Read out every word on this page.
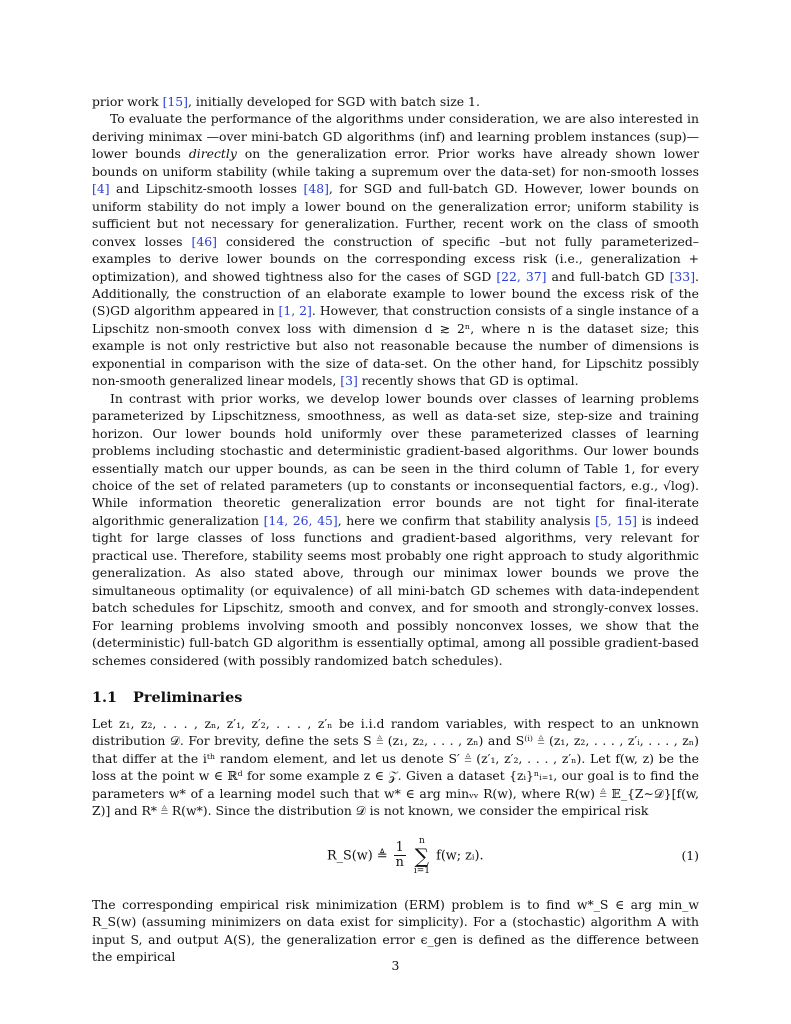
prior work [15], initially developed for SGD with batch size 1.

To evaluate the performance of the algorithms under consideration, we are also interested in deriving minimax —over mini-batch GD algorithms (inf) and learning problem instances (sup)— lower bounds directly on the generalization error. Prior works have already shown lower bounds on uniform stability (while taking a supremum over the data-set) for non-smooth losses [4] and Lipschitz-smooth losses [48], for SGD and full-batch GD. However, lower bounds on uniform stability do not imply a lower bound on the generalization error; uniform stability is sufficient but not necessary for generalization. Further, recent work on the class of smooth convex losses [46] considered the construction of specific –but not fully parameterized– examples to derive lower bounds on the corresponding excess risk (i.e., generalization + optimization), and showed tightness also for the cases of SGD [22, 37] and full-batch GD [33]. Additionally, the construction of an elaborate example to lower bound the excess risk of the (S)GD algorithm appeared in [1, 2]. However, that construction consists of a single instance of a Lipschitz non-smooth convex loss with dimension d ≳ 2ⁿ, where n is the dataset size; this example is not only restrictive but also not reasonable because the number of dimensions is exponential in comparison with the size of data-set. On the other hand, for Lipschitz possibly non-smooth generalized linear models, [3] recently shows that GD is optimal.

In contrast with prior works, we develop lower bounds over classes of learning problems parameterized by Lipschitzness, smoothness, as well as data-set size, step-size and training horizon. Our lower bounds hold uniformly over these parameterized classes of learning problems including stochastic and deterministic gradient-based algorithms. Our lower bounds essentially match our upper bounds, as can be seen in the third column of Table 1, for every choice of the set of related parameters (up to constants or inconsequential factors, e.g., √log). While information theoretic generalization error bounds are not tight for final-iterate algorithmic generalization [14, 26, 45], here we confirm that stability analysis [5, 15] is indeed tight for large classes of loss functions and gradient-based algorithms, very relevant for practical use. Therefore, stability seems most probably one right approach to study algorithmic generalization. As also stated above, through our minimax lower bounds we prove the simultaneous optimality (or equivalence) of all mini-batch GD schemes with data-independent batch schedules for Lipschitz, smooth and convex, and for smooth and strongly-convex losses. For learning problems involving smooth and possibly nonconvex losses, we show that the (deterministic) full-batch GD algorithm is essentially optimal, among all possible gradient-based schemes considered (with possibly randomized batch schedules).

1.1 Preliminaries

Let z₁, z₂, . . . , zₙ, z′₁, z′₂, . . . , z′ₙ be i.i.d random variables, with respect to an unknown distribution 𝒟. For brevity, define the sets S ≜ (z₁, z₂, . . . , zₙ) and S⁽ⁱ⁾ ≜ (z₁, z₂, . . . , z′ᵢ, . . . , zₙ) that differ at the iᵗʰ random element, and let us denote S′ ≜ (z′₁, z′₂, . . . , z′ₙ). Let f(w, z) be the loss at the point w ∈ ℝᵈ for some example z ∈ 𝒵. Given a dataset {zᵢ}ⁿᵢ₌₁, our goal is to find the parameters w* of a learning model such that w* ∈ arg minᵥᵥ R(w), where R(w) ≜ 𝔼_{Z∼𝒟}[f(w, Z)] and R* ≜ R(w*). Since the distribution 𝒟 is not known, we consider the empirical risk

R_S(w) ≜ $\frac{1}{n}$

n
∑
i=1
f(w; zᵢ).	(1)

The corresponding empirical risk minimization (ERM) problem is to find w*_S ∈ arg min_w R_S(w) (assuming minimizers on data exist for simplicity). For a (stochastic) algorithm A with input S, and output A(S), the generalization error ϵ_gen is defined as the difference between the empirical

3
